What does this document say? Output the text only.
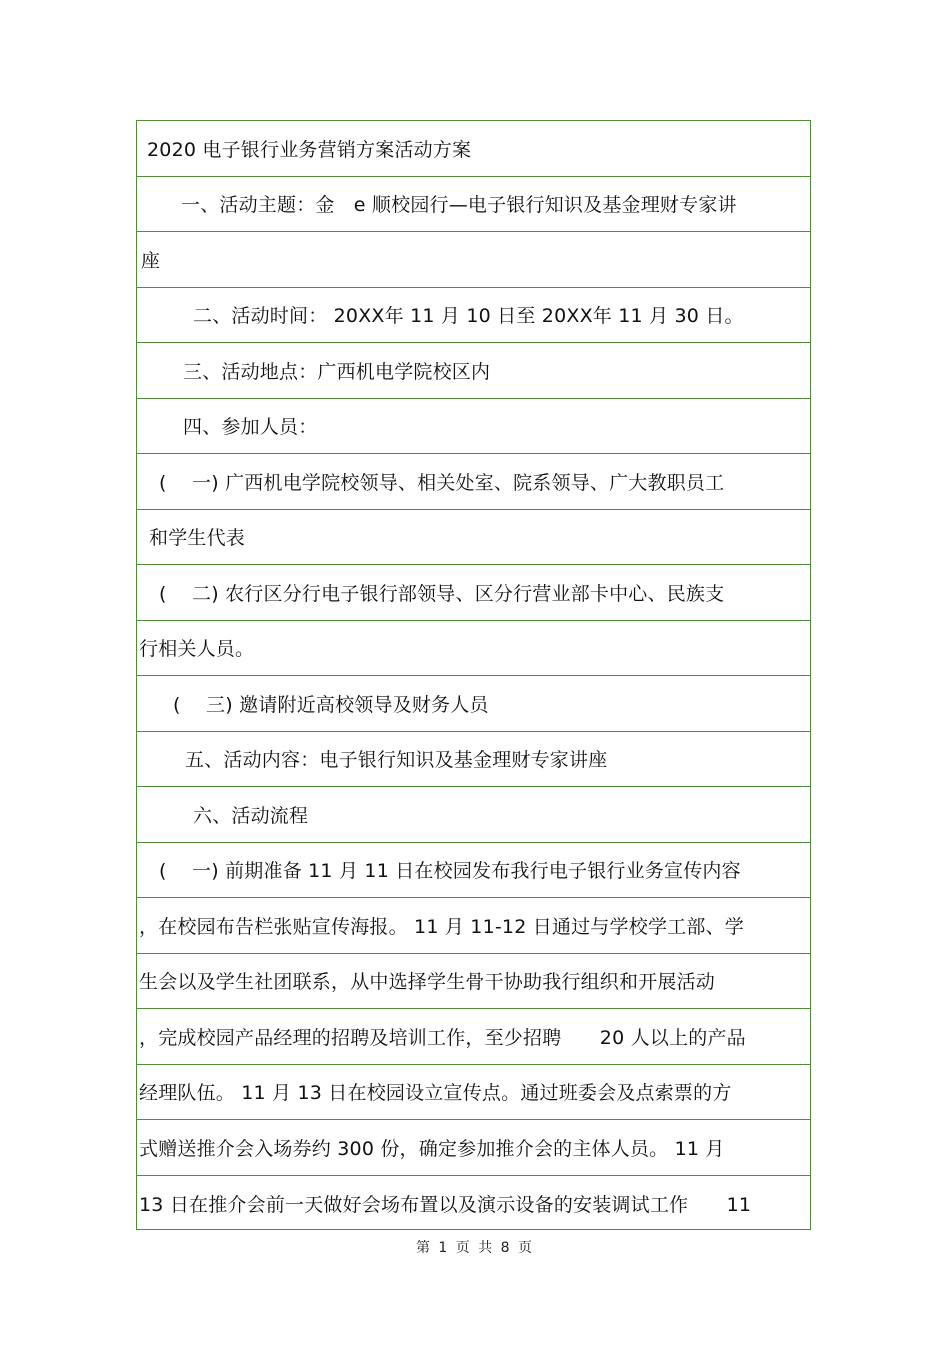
2020 电子银行业务营销方案活动方案
一、活动主题：金　e 顺校园行—电子银行知识及基金理财专家讲
座
二、活动时间： 20XX年 11 月 10 日至 20XX年 11 月 30 日。
三、活动地点：广西机电学院校区内
四、参加人员：
(　 一) 广西机电学院校领导、相关处室、院系领导、广大教职员工
和学生代表
(　 二) 农行区分行电子银行部领导、区分行营业部卡中心、民族支
行相关人员。
(　 三) 邀请附近高校领导及财务人员
五、活动内容：电子银行知识及基金理财专家讲座
六、活动流程
(　 一) 前期准备 11 月 11 日在校园发布我行电子银行业务宣传内容
，在校园布告栏张贴宣传海报。 11 月 11-12 日通过与学校学工部、学
生会以及学生社团联系，从中选择学生骨干协助我行组织和开展活动
，完成校园产品经理的招聘及培训工作，至少招聘　　20 人以上的产品
经理队伍。 11 月 13 日在校园设立宣传点。通过班委会及点索票的方
式赠送推介会入场券约 300 份，确定参加推介会的主体人员。 11 月
13 日在推介会前一天做好会场布置以及演示设备的安装调试工作　　11
第 1 页 共 8 页
